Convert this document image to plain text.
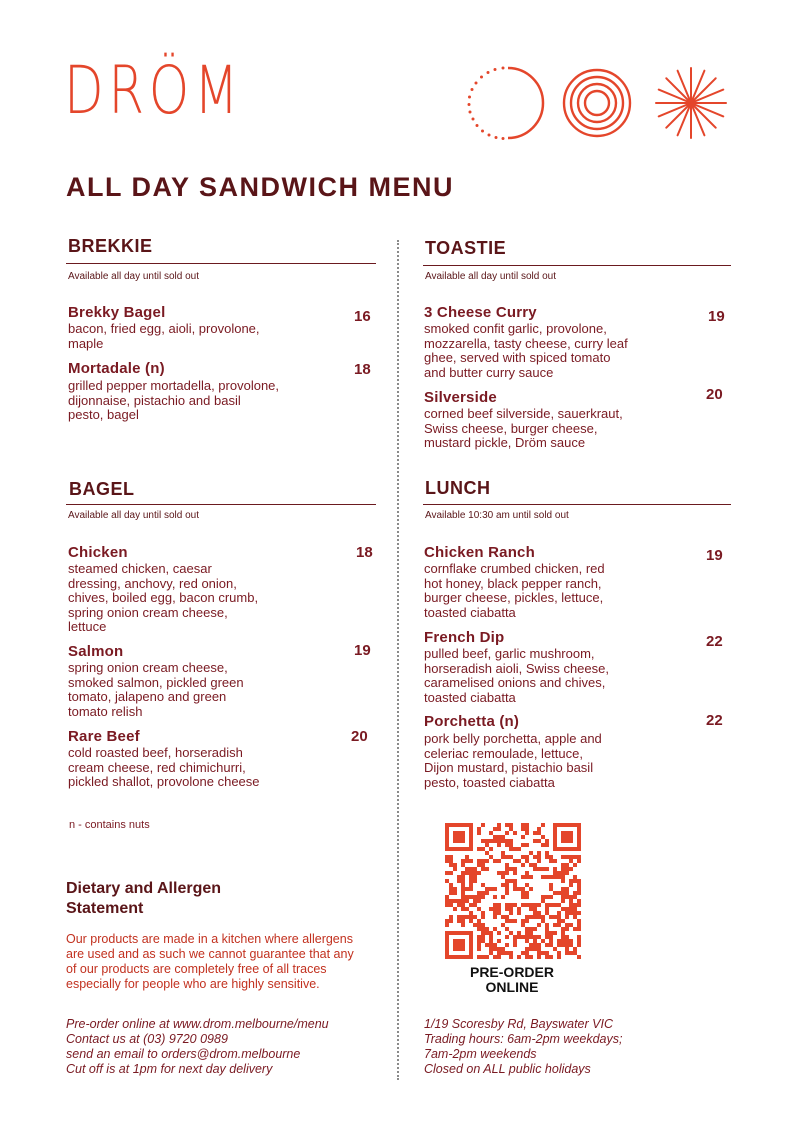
DRÖM
ALL DAY SANDWICH MENU
BREKKIE
Available all day until sold out
Brekky Bagel	16
bacon, fried egg, aioli, provolone,
maple
Mortadale (n)	18
grilled pepper mortadella, provolone,
dijonnaise, pistachio and basil
pesto, bagel
TOASTIE
Available all day until sold out
3 Cheese Curry	19
smoked confit garlic, provolone,
mozzarella, tasty cheese, curry leaf
ghee, served with spiced tomato
and butter curry sauce
Silverside	20
corned beef silverside, sauerkraut,
Swiss cheese, burger cheese,
mustard pickle, Dröm sauce
BAGEL
Available all day until sold out
Chicken	18
steamed chicken, caesar
dressing, anchovy, red onion,
chives, boiled egg, bacon crumb,
spring onion cream cheese,
lettuce
Salmon	19
spring onion cream cheese,
smoked salmon, pickled green
tomato, jalapeno and green
tomato relish
Rare Beef	20
cold roasted beef, horseradish
cream cheese, red chimichurri,
pickled shallot, provolone cheese
LUNCH
Available 10:30 am until sold out
Chicken Ranch	19
cornflake crumbed chicken, red
hot honey, black pepper ranch,
burger cheese, pickles, lettuce,
toasted ciabatta
French Dip	22
pulled beef, garlic mushroom,
horseradish aioli, Swiss cheese,
caramelised onions and chives,
toasted ciabatta
Porchetta (n)	22
pork belly porchetta, apple and
celeriac remoulade, lettuce,
Dijon mustard, pistachio basil
pesto, toasted ciabatta
n - contains nuts
Dietary and Allergen
Statement
Our products are made in a kitchen where allergens are used and as such we cannot guarantee that any of our products are completely free of all traces especially for people who are highly sensitive.
Pre-order online at www.drom.melbourne/menu
Contact us at (03) 9720 0989
send an email to orders@drom.melbourne
Cut off is at 1pm for next day delivery
1/19 Scoresby Rd, Bayswater VIC
Trading hours: 6am-2pm weekdays;
7am-2pm weekends
Closed on ALL public holidays
PRE-ORDER
ONLINE
